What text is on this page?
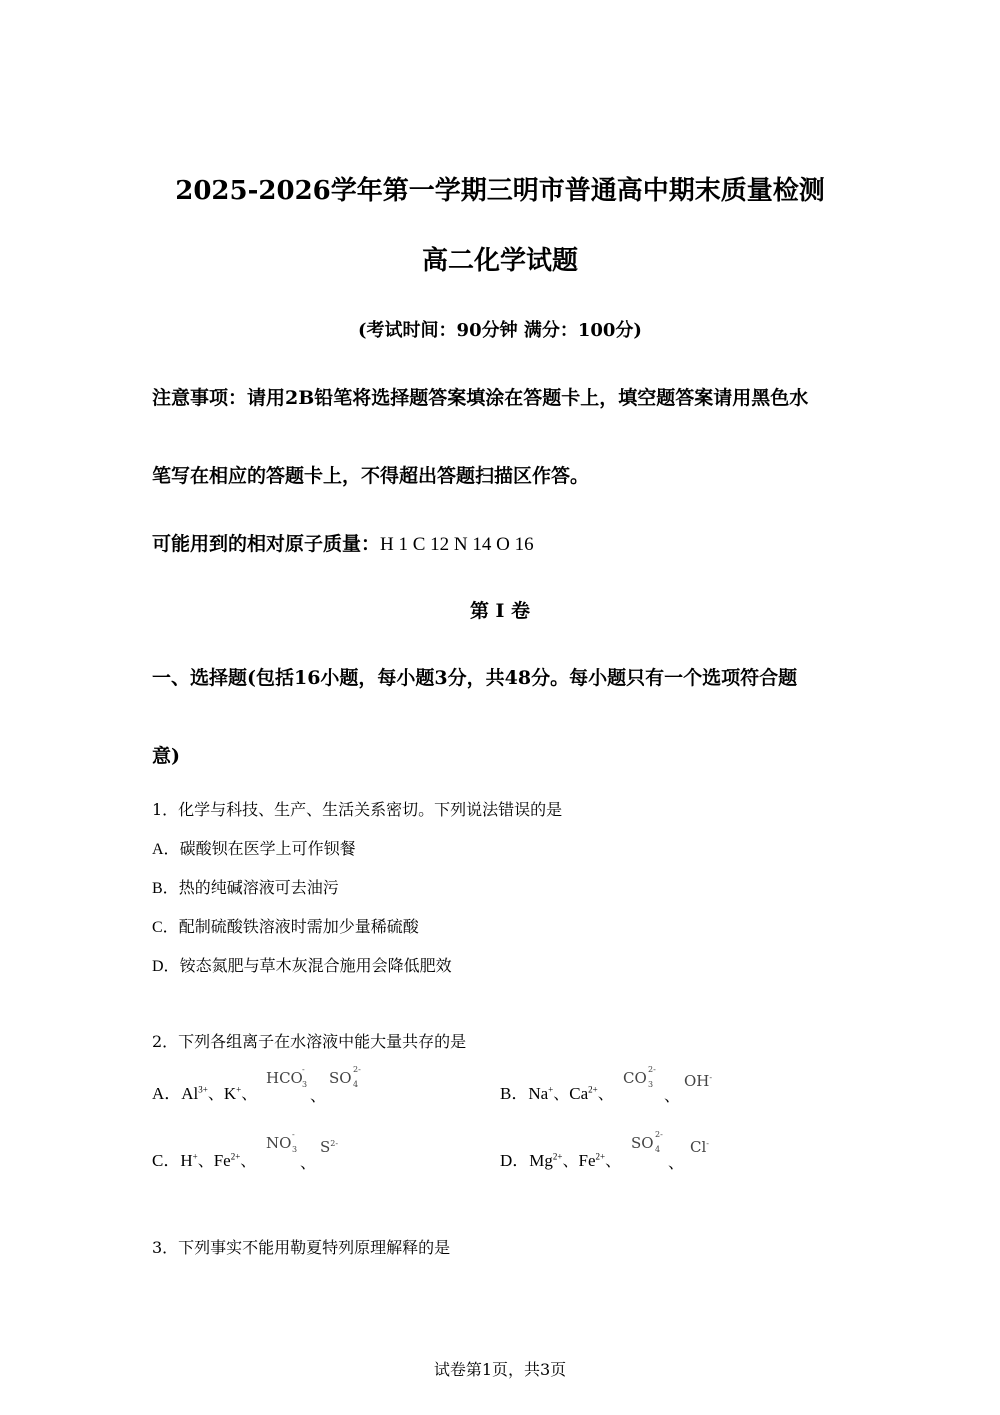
2025-2026学年第一学期三明市普通高中期末质量检测
高二化学试题
(考试时间：90分钟 满分：100分)
注意事项：请用2B铅笔将选择题答案填涂在答题卡上，填空题答案请用黑色水
笔写在相应的答题卡上，不得超出答题扫描区作答。
可能用到的相对原子质量：H 1 C 12 N 14 O 16
第 I 卷
一、选择题(包括16小题，每小题3分，共48分。每小题只有一个选项符合题
意)
1．化学与科技、生产、生活关系密切。下列说法错误的是
A．碳酸钡在医学上可作钡餐
B．热的纯碱溶液可去油污
C．配制硫酸铁溶液时需加少量稀硫酸
D．铵态氮肥与草木灰混合施用会降低肥效
2．下列各组离子在水溶液中能大量共存的是
A．$Al^{3+}$、K+、
HCO 3
-
、
SO 4
2-
B．Na+、$Ca^{2+}$、
CO 3
2-
、
OH-
C．H+、$Fe^{2+}$、
NO 3
-
、
$S^{2-}$
D．$Mg^{2+}$、$Fe^{2+}$、
SO 4
2-
、
Cl-
3．下列事实不能用勒夏特列原理解释的是
试卷第1页，共3页
